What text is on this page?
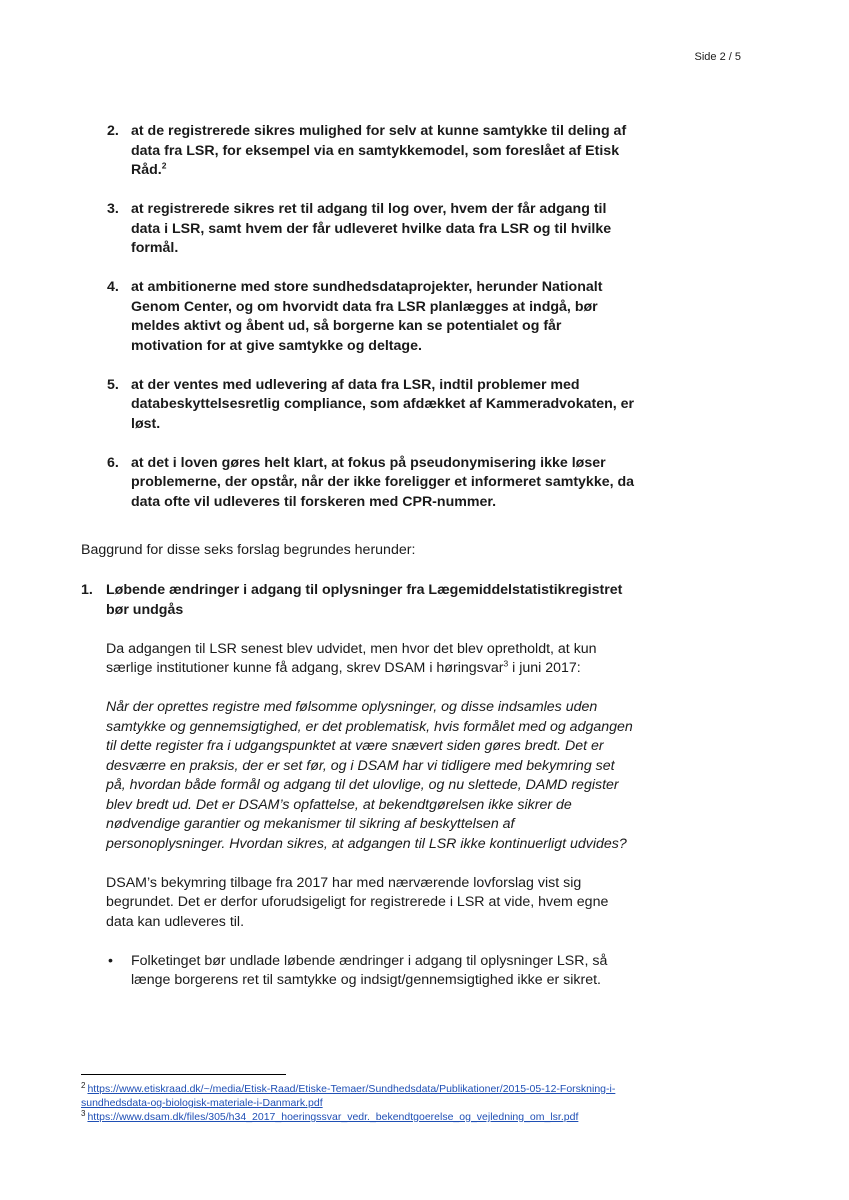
Side 2 / 5
2. at de registrerede sikres mulighed for selv at kunne samtykke til deling af data fra LSR, for eksempel via en samtykkemodel, som foreslået af Etisk Råd.$^2$
3. at registrerede sikres ret til adgang til log over, hvem der får adgang til data i LSR, samt hvem der får udleveret hvilke data fra LSR og til hvilke formål.
4. at ambitionerne med store sundhedsdataprojekter, herunder Nationalt Genom Center, og om hvorvidt data fra LSR planlægges at indgå, bør meldes aktivt og åbent ud, så borgerne kan se potentialet og får motivation for at give samtykke og deltage.
5. at der ventes med udlevering af data fra LSR, indtil problemer med databeskyttelsesretlig compliance, som afdækket af Kammeradvokaten, er løst.
6. at det i loven gøres helt klart, at fokus på pseudonymisering ikke løser problemerne, der opstår, når der ikke foreligger et informeret samtykke, da data ofte vil udleveres til forskeren med CPR-nummer.

Baggrund for disse seks forslag begrundes herunder:

1. Løbende ændringer i adgang til oplysninger fra Lægemiddelstatistikregistret bør undgås

Da adgangen til LSR senest blev udvidet, men hvor det blev opretholdt, at kun særlige institutioner kunne få adgang, skrev DSAM i høringsvar$^3$ i juni 2017:

Når der oprettes registre med følsomme oplysninger, og disse indsamles uden samtykke og gennemsigtighed, er det problematisk, hvis formålet med og adgangen til dette register fra i udgangspunktet at være snævert siden gøres bredt. Det er desværre en praksis, der er set før, og i DSAM har vi tidligere med bekymring set på, hvordan både formål og adgang til det ulovlige, og nu slettede, DAMD register blev bredt ud. Det er DSAM’s opfattelse, at bekendtgørelsen ikke sikrer de nødvendige garantier og mekanismer til sikring af beskyttelsen af personoplysninger. Hvordan sikres, at adgangen til LSR ikke kontinuerligt udvides?

DSAM’s bekymring tilbage fra 2017 har med nærværende lovforslag vist sig begrundet. Det er derfor uforudsigeligt for registrerede i LSR at vide, hvem egne data kan udleveres til.

• Folketinget bør undlade løbende ændringer i adgang til oplysninger LSR, så længe borgerens ret til samtykke og indsigt/gennemsigtighed ikke er sikret.
$^2$ https://www.etiskraad.dk/~/media/Etisk-Raad/Etiske-Temaer/Sundhedsdata/Publikationer/2015-05-12-Forskning-i-sundhedsdata-og-biologisk-materiale-i-Danmark.pdf
$^3$ https://www.dsam.dk/files/305/h34_2017_hoeringssvar_vedr._bekendtgoerelse_og_vejledning_om_lsr.pdf
